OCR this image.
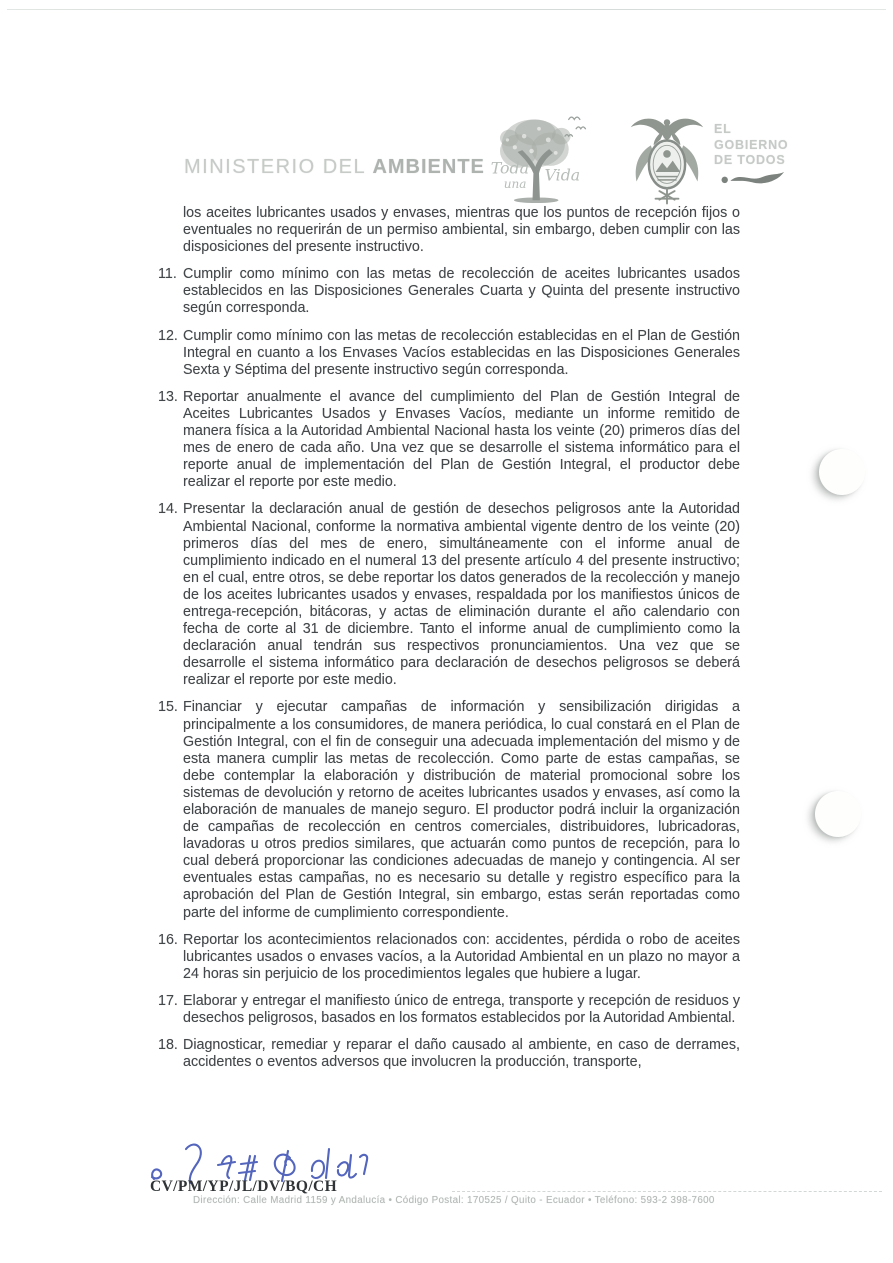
MINISTERIO DEL AMBIENTE Toda
una Vida
EL
GOBIERNO
DE TODOS

los aceites lubricantes usados y envases, mientras que los puntos de recepción fijos o eventuales no requerirán de un permiso ambiental, sin embargo, deben cumplir con las disposiciones del presente instructivo.

11. Cumplir como mínimo con las metas de recolección de aceites lubricantes usados establecidos en las Disposiciones Generales Cuarta y Quinta del presente instructivo según corresponda.
12. Cumplir como mínimo con las metas de recolección establecidas en el Plan de Gestión Integral en cuanto a los Envases Vacíos establecidas en las Disposiciones Generales Sexta y Séptima del presente instructivo según corresponda.
13. Reportar anualmente el avance del cumplimiento del Plan de Gestión Integral de Aceites Lubricantes Usados y Envases Vacíos, mediante un informe remitido de manera física a la Autoridad Ambiental Nacional hasta los veinte (20) primeros días del mes de enero de cada año. Una vez que se desarrolle el sistema informático para el reporte anual de implementación del Plan de Gestión Integral, el productor debe realizar el reporte por este medio.
14. Presentar la declaración anual de gestión de desechos peligrosos ante la Autoridad Ambiental Nacional, conforme la normativa ambiental vigente dentro de los veinte (20) primeros días del mes de enero, simultáneamente con el informe anual de cumplimiento indicado en el numeral 13 del presente artículo 4 del presente instructivo; en el cual, entre otros, se debe reportar los datos generados de la recolección y manejo de los aceites lubricantes usados y envases, respaldada por los manifiestos únicos de entrega-recepción, bitácoras, y actas de eliminación durante el año calendario con fecha de corte al 31 de diciembre. Tanto el informe anual de cumplimiento como la declaración anual tendrán sus respectivos pronunciamientos. Una vez que se desarrolle el sistema informático para declaración de desechos peligrosos se deberá realizar el reporte por este medio.
15. Financiar y ejecutar campañas de información y sensibilización dirigidas a principalmente a los consumidores, de manera periódica, lo cual constará en el Plan de Gestión Integral, con el fin de conseguir una adecuada implementación del mismo y de esta manera cumplir las metas de recolección. Como parte de estas campañas, se debe contemplar la elaboración y distribución de material promocional sobre los sistemas de devolución y retorno de aceites lubricantes usados y envases, así como la elaboración de manuales de manejo seguro. El productor podrá incluir la organización de campañas de recolección en centros comerciales, distribuidores, lubricadoras, lavadoras u otros predios similares, que actuarán como puntos de recepción, para lo cual deberá proporcionar las condiciones adecuadas de manejo y contingencia. Al ser eventuales estas campañas, no es necesario su detalle y registro específico para la aprobación del Plan de Gestión Integral, sin embargo, estas serán reportadas como parte del informe de cumplimiento correspondiente.
16. Reportar los acontecimientos relacionados con: accidentes, pérdida o robo de aceites lubricantes usados o envases vacíos, a la Autoridad Ambiental en un plazo no mayor a 24 horas sin perjuicio de los procedimientos legales que hubiere a lugar.
17. Elaborar y entregar el manifiesto único de entrega, transporte y recepción de residuos y desechos peligrosos, basados en los formatos establecidos por la Autoridad Ambiental.
18. Diagnosticar, remediar y reparar el daño causado al ambiente, en caso de derrames, accidentes o eventos adversos que involucren la producción, transporte,
CV/PM/YP/JL/DV/BQ/CH
Dirección: Calle Madrid 1159 y Andalucía • Código Postal: 170525 / Quito - Ecuador • Teléfono: 593-2 398-7600
